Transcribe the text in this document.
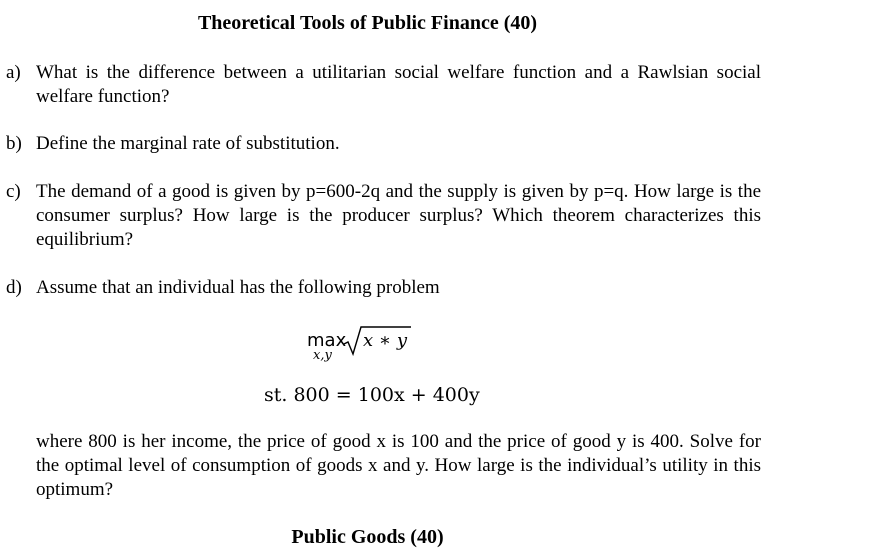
Theoretical Tools of Public Finance (40)
a) What is the difference between a utilitarian social welfare function and a Rawlsian social welfare function?
b) Define the marginal rate of substitution.
c) The demand of a good is given by p=600-2q and the supply is given by p=q. How large is the consumer surplus? How large is the producer surplus? Which theorem characterizes this equilibrium?
d) Assume that an individual has the following problem
max
x,y
x ∗ y
st. 800 = 100x + 400y
where 800 is her income, the price of good x is 100 and the price of good y is 400. Solve for the optimal level of consumption of goods x and y. How large is the individual’s utility in this optimum?
Public Goods (40)
